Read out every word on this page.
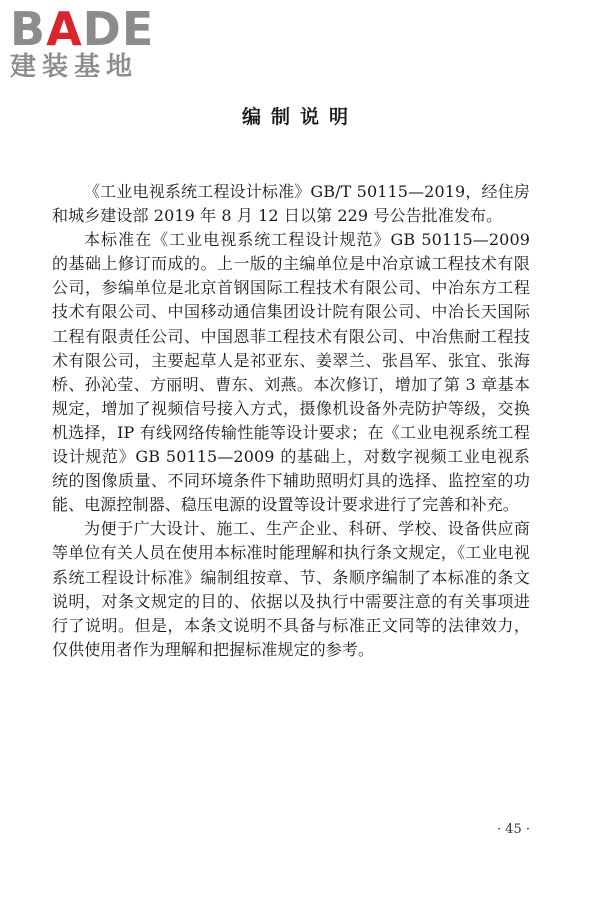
BADE
建装基地
编制说明

《工业电视系统工程设计标准》GB/T 50115—2019，经住房和城乡建设部 2019 年 8 月 12 日以第 229 号公告批准发布。

本标准在《工业电视系统工程设计规范》GB 50115—2009 的基础上修订而成的。上一版的主编单位是中冶京诚工程技术有限公司，参编单位是北京首钢国际工程技术有限公司、中冶东方工程技术有限公司、中国移动通信集团设计院有限公司、中冶长天国际工程有限责任公司、中国恩菲工程技术有限公司、中冶焦耐工程技术有限公司，主要起草人是祁亚东、姜翠兰、张昌军、张宜、张海桥、孙沁莹、方丽明、曹东、刘燕。本次修订，增加了第 3 章基本规定，增加了视频信号接入方式，摄像机设备外壳防护等级，交换机选择，IP 有线网络传输性能等设计要求；在《工业电视系统工程设计规范》GB 50115—2009 的基础上，对数字视频工业电视系统的图像质量、不同环境条件下辅助照明灯具的选择、监控室的功能、电源控制器、稳压电源的设置等设计要求进行了完善和补充。

为便于广大设计、施工、生产企业、科研、学校、设备供应商等单位有关人员在使用本标准时能理解和执行条文规定，《工业电视系统工程设计标准》编制组按章、节、条顺序编制了本标准的条文说明，对条文规定的目的、依据以及执行中需要注意的有关事项进行了说明。但是，本条文说明不具备与标准正文同等的法律效力，仅供使用者作为理解和把握标准规定的参考。

· 45 ·
